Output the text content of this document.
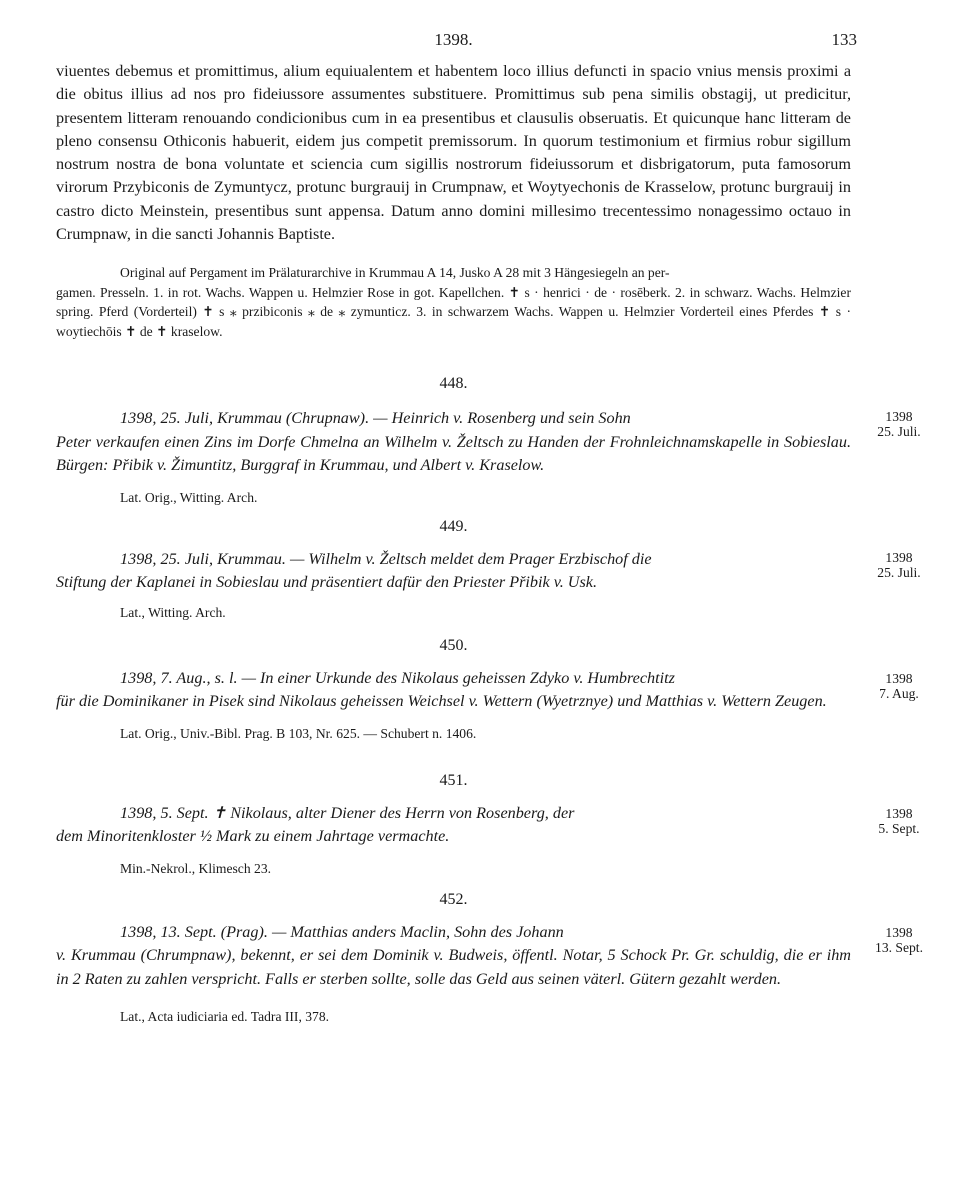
1398.	133

viuentes debemus et promittimus, alium equiualentem et habentem loco illius defuncti in spacio vnius mensis proximi a die obitus illius ad nos pro fideiussore assumentes substituere. Promittimus sub pena similis obstagij, ut predicitur, presentem litteram renouando condicionibus cum in ea presentibus et clausulis obseruatis. Et quicunque hanc litteram de pleno consensu Othiconis habuerit, eidem jus competit premissorum. In quorum testimonium et firmius robur sigillum nostrum nostra de bona voluntate et sciencia cum sigillis nostrorum fideiussorum et disbrigatorum, puta famosorum virorum Przybiconis de Zymuntycz, protunc burgrauij in Crumpnaw, et Woytyechonis de Krasselow, protunc burgrauij in castro dicto Meinstein, presentibus sunt appensa. Datum anno domini millesimo trecentessimo nonagessimo octauo in Crumpnaw, in die sancti Johannis Baptiste.

Original auf Pergament im Prälaturarchive in Krummau A 14, Jusko A 28 mit 3 Hängesiegeln an per-
gamen. Presseln. 1. in rot. Wachs. Wappen u. Helmzier Rose in got. Kapellchen. ✝ s · henrici · de · rosēberk. 2. in schwarz. Wachs. Helmzier spring. Pferd (Vorderteil) ✝ s ⁎ przibiconis ⁎ de ⁎ zymunticz. 3. in schwarzem Wachs. Wappen u. Helmzier Vorderteil eines Pferdes ✝ s · woytiechōis ✝ de ✝ kraselow.

448.

1398
25. Juli.

1398, 25. Juli, Krummau (Chrupnaw). — Heinrich v. Rosenberg und sein Sohn
Peter verkaufen einen Zins im Dorfe Chmelna an Wilhelm v. Želtsch zu Handen der Frohnleichnamskapelle in Sobieslau. Bürgen: Přibik v. Žimuntitz, Burggraf in Krummau, und Albert v. Kraselow.

Lat. Orig., Witting. Arch.

449.

1398
25. Juli.

1398, 25. Juli, Krummau. — Wilhelm v. Želtsch meldet dem Prager Erzbischof die
Stiftung der Kaplanei in Sobieslau und präsentiert dafür den Priester Přibik v. Usk.

Lat., Witting. Arch.

450.

1398
7. Aug.

1398, 7. Aug., s. l. — In einer Urkunde des Nikolaus geheissen Zdyko v. Humbrechtitz
für die Dominikaner in Pisek sind Nikolaus geheissen Weichsel v. Wettern (Wyetrznye) und Matthias v. Wettern Zeugen.

Lat. Orig., Univ.-Bibl. Prag. B 103, Nr. 625. — Schubert n. 1406.

451.

1398
5. Sept.

1398, 5. Sept. ✝ Nikolaus, alter Diener des Herrn von Rosenberg, der
dem Minoritenkloster ½ Mark zu einem Jahrtage vermachte.

Min.-Nekrol., Klimesch 23.

452.

1398
13. Sept.

1398, 13. Sept. (Prag). — Matthias anders Maclin, Sohn des Johann
v. Krummau (Chrumpnaw), bekennt, er sei dem Dominik v. Budweis, öffentl. Notar, 5 Schock Pr. Gr. schuldig, die er ihm in 2 Raten zu zahlen verspricht. Falls er sterben sollte, solle das Geld aus seinen väterl. Gütern gezahlt werden.

Lat., Acta iudiciaria ed. Tadra III, 378.
